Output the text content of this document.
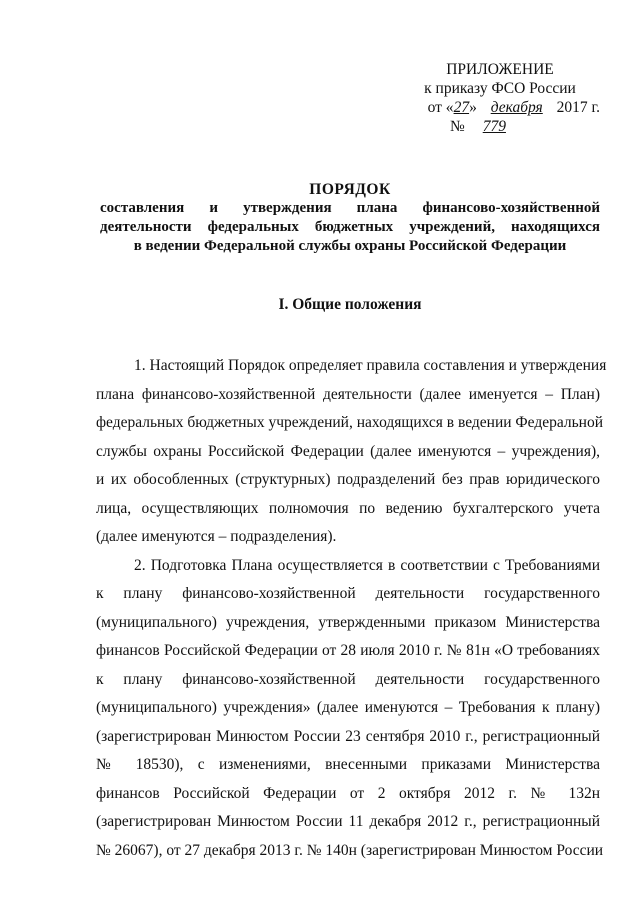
ПРИЛОЖЕНИЕ
к приказу ФСО России
от «27» декабря 2017 г.
№ 779
ПОРЯДОК
составления и утверждения плана финансово-хозяйственной
деятельности федеральных бюджетных учреждений, находящихся
в ведении Федеральной службы охраны Российской Федерации
I. Общие положения

1. Настоящий Порядок определяет правила составления и утверждения
плана финансово-хозяйственной деятельности (далее именуется – План)
федеральных бюджетных учреждений, находящихся в ведении Федеральной
службы охраны Российской Федерации (далее именуются – учреждения),
и их обособленных (структурных) подразделений без прав юридического
лица, осуществляющих полномочия по ведению бухгалтерского учета
(далее именуются – подразделения).

2. Подготовка Плана осуществляется в соответствии с Требованиями
к плану финансово-хозяйственной деятельности государственного
(муниципального) учреждения, утвержденными приказом Министерства
финансов Российской Федерации от 28 июля 2010 г. № 81н «О требованиях
к плану финансово-хозяйственной деятельности государственного
(муниципального) учреждения» (далее именуются – Требования к плану)
(зарегистрирован Минюстом России 23 сентября 2010 г., регистрационный
№ 18530), с изменениями, внесенными приказами Министерства
финансов Российской Федерации от 2 октября 2012 г. № 132н
(зарегистрирован Минюстом России 11 декабря 2012 г., регистрационный
№ 26067), от 27 декабря 2013 г. № 140н (зарегистрирован Минюстом России
